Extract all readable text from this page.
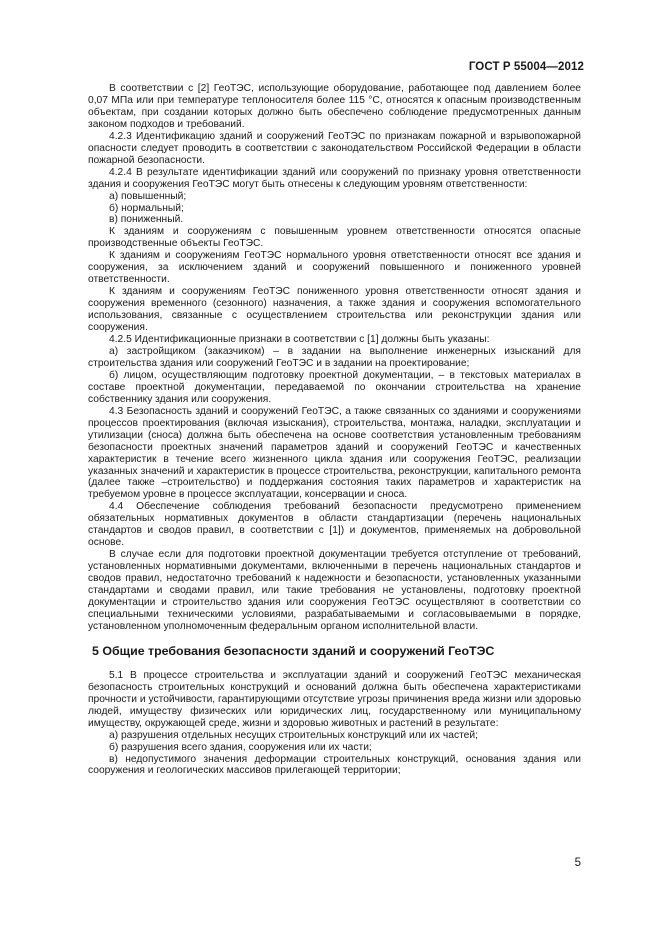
ГОСТ Р 55004—2012

В соответствии с [2] ГеоТЭС, использующие оборудование, работающее под давлением более 0,07 МПа или при температуре теплоносителя более 115 °С, относятся к опасным производственным объектам, при создании которых должно быть обеспечено соблюдение предусмотренных данным законом подходов и требований.

4.2.3 Идентификацию зданий и сооружений ГеоТЭС по признакам пожарной и взрывопожарной опасности следует проводить в соответствии с законодательством Российской Федерации в области пожарной безопасности.

4.2.4 В результате идентификации зданий или сооружений по признаку уровня ответственности здания и сооружения ГеоТЭС могут быть отнесены к следующим уровням ответственности:

а) повышенный;

б) нормальный;

в) пониженный.

К зданиям и сооружениям с повышенным уровнем ответственности относятся опасные производственные объекты ГеоТЭС.

К зданиям и сооружениям ГеоТЭС нормального уровня ответственности относят все здания и сооружения, за исключением зданий и сооружений повышенного и пониженного уровней ответственности.

К зданиям и сооружениям ГеоТЭС пониженного уровня ответственности относят здания и сооружения временного (сезонного) назначения, а также здания и сооружения вспомогательного использования, связанные с осуществлением строительства или реконструкции здания или сооружения.

4.2.5 Идентификационные признаки в соответствии с [1] должны быть указаны:

а) застройщиком (заказчиком) – в задании на выполнение инженерных изысканий для строительства здания или сооружений ГеоТЭС и в задании на проектирование;

б) лицом, осуществляющим подготовку проектной документации, – в текстовых материалах в составе проектной документации, передаваемой по окончании строительства на хранение собственнику здания или сооружения.

4.3 Безопасность зданий и сооружений ГеоТЭС, а также связанных со зданиями и сооружениями процессов проектирования (включая изыскания), строительства, монтажа, наладки, эксплуатации и утилизации (сноса) должна быть обеспечена на основе соответствия установленным требованиям безопасности проектных значений параметров зданий и сооружений ГеоТЭС и качественных характеристик в течение всего жизненного цикла здания или сооружения ГеоТЭС, реализации указанных значений и характеристик в процессе строительства, реконструкции, капитального ремонта (далее также –строительство) и поддержания состояния таких параметров и характеристик на требуемом уровне в процессе эксплуатации, консервации и сноса.

4.4 Обеспечение соблюдения требований безопасности предусмотрено применением обязательных нормативных документов в области стандартизации (перечень национальных стандартов и сводов правил, в соответствии с [1]) и документов, применяемых на добровольной основе.

В случае если для подготовки проектной документации требуется отступление от требований, установленных нормативными документами, включенными в перечень национальных стандартов и сводов правил, недостаточно требований к надежности и безопасности, установленных указанными стандартами и сводами правил, или такие требования не установлены, подготовку проектной документации и строительство здания или сооружения ГеоТЭС осуществляют в соответствии со специальными техническими условиями, разрабатываемыми и согласовываемыми в порядке, установленном уполномоченным федеральным органом исполнительной власти.

5 Общие требования безопасности зданий и сооружений ГеоТЭС

5.1 В процессе строительства и эксплуатации зданий и сооружений ГеоТЭС механическая безопасность строительных конструкций и оснований должна быть обеспечена характеристиками прочности и устойчивости, гарантирующими отсутствие угрозы причинения вреда жизни или здоровью людей, имуществу физических или юридических лиц, государственному или муниципальному имуществу, окружающей среде, жизни и здоровью животных и растений в результате:

а) разрушения отдельных несущих строительных конструкций или их частей;

б) разрушения всего здания, сооружения или их части;

в) недопустимого значения деформации строительных конструкций, основания здания или сооружения и геологических массивов прилегающей территории;

5
